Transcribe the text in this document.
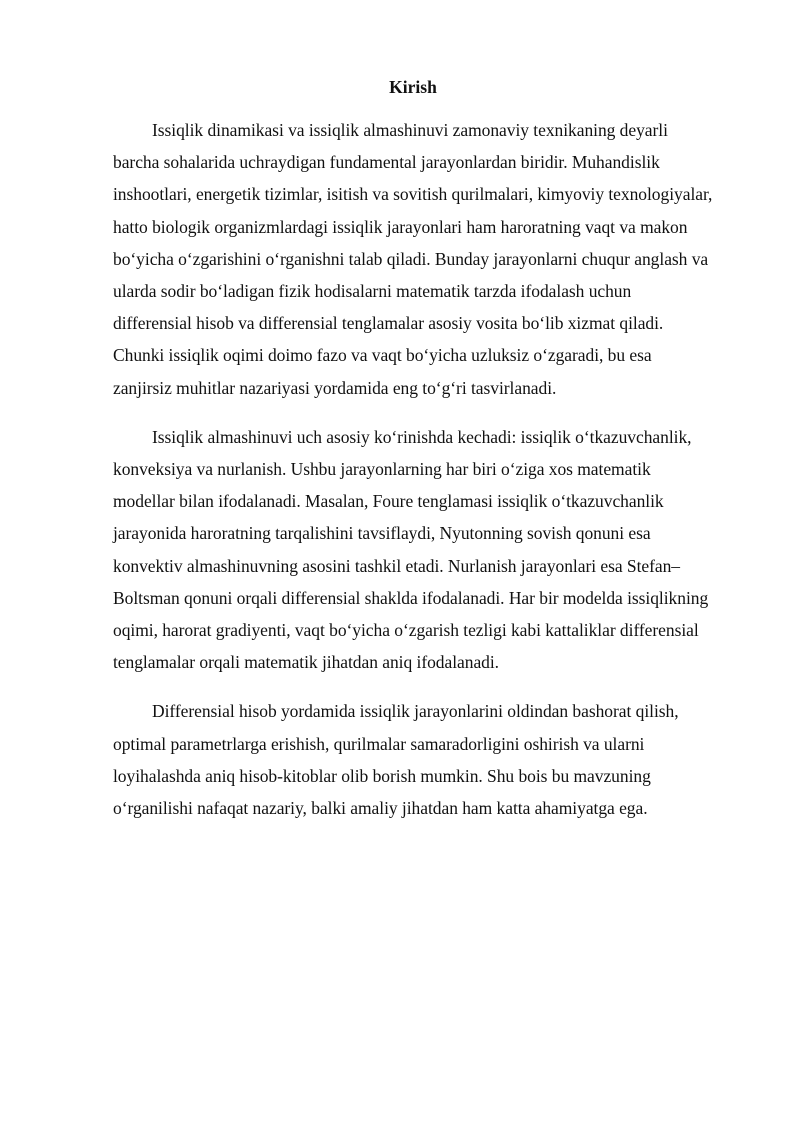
Kirish

Issiqlik dinamikasi va issiqlik almashinuvi zamonaviy texnikaning deyarli barcha sohalarida uchraydigan fundamental jarayonlardan biridir. Muhandislik inshootlari, energetik tizimlar, isitish va sovitish qurilmalari, kimyoviy texnologiyalar, hatto biologik organizmlardagi issiqlik jarayonlari ham haroratning vaqt va makon bo‘yicha o‘zgarishini o‘rganishni talab qiladi. Bunday jarayonlarni chuqur anglash va ularda sodir bo‘ladigan fizik hodisalarni matematik tarzda ifodalash uchun differensial hisob va differensial tenglamalar asosiy vosita bo‘lib xizmat qiladi. Chunki issiqlik oqimi doimo fazo va vaqt bo‘yicha uzluksiz o‘zgaradi, bu esa zanjirsiz muhitlar nazariyasi yordamida eng to‘g‘ri tasvirlanadi.

Issiqlik almashinuvi uch asosiy ko‘rinishda kechadi: issiqlik o‘tkazuvchanlik, konveksiya va nurlanish. Ushbu jarayonlarning har biri o‘ziga xos matematik modellar bilan ifodalanadi. Masalan, Foure tenglamasi issiqlik o‘tkazuvchanlik jarayonida haroratning tarqalishini tavsiflaydi, Nyutonning sovish qonuni esa konvektiv almashinuvning asosini tashkil etadi. Nurlanish jarayonlari esa Stefan–Boltsman qonuni orqali differensial shaklda ifodalanadi. Har bir modelda issiqlikning oqimi, harorat gradiyenti, vaqt bo‘yicha o‘zgarish tezligi kabi kattaliklar differensial tenglamalar orqali matematik jihatdan aniq ifodalanadi.

Differensial hisob yordamida issiqlik jarayonlarini oldindan bashorat qilish, optimal parametrlarga erishish, qurilmalar samaradorligini oshirish va ularni loyihalashda aniq hisob-kitoblar olib borish mumkin. Shu bois bu mavzuning o‘rganilishi nafaqat nazariy, balki amaliy jihatdan ham katta ahamiyatga ega.
